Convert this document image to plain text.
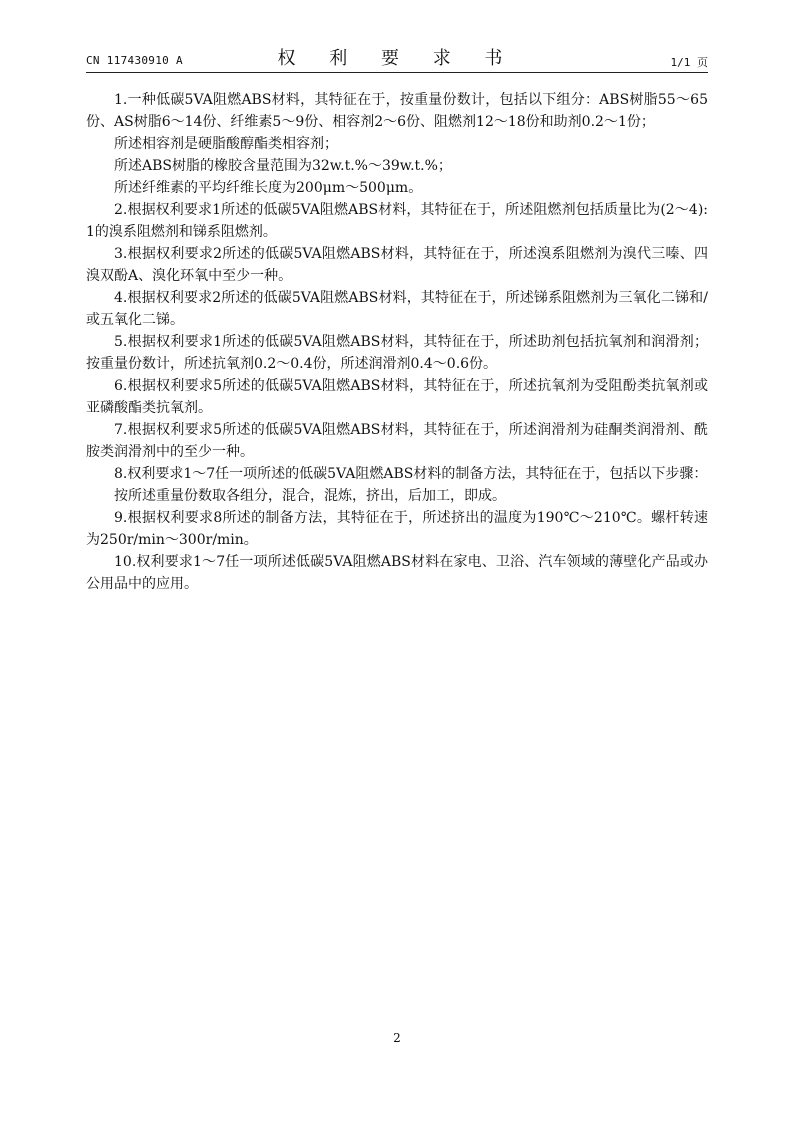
CN 117430910 A	权 利 要 求 书	1/1 页

1.一种低碳5VA阻燃ABS材料，其特征在于，按重量份数计，包括以下组分：ABS树脂55～65份、AS树脂6～14份、纤维素5～9份、相容剂2～6份、阻燃剂12～18份和助剂0.2～1份；

所述相容剂是硬脂酸醇酯类相容剂；

所述ABS树脂的橡胶含量范围为32w.t.%～39w.t.%；

所述纤维素的平均纤维长度为200μm～500μm。

2.根据权利要求1所述的低碳5VA阻燃ABS材料，其特征在于，所述阻燃剂包括质量比为(2～4):1的溴系阻燃剂和锑系阻燃剂。

3.根据权利要求2所述的低碳5VA阻燃ABS材料，其特征在于，所述溴系阻燃剂为溴代三嗪、四溴双酚A、溴化环氧中至少一种。

4.根据权利要求2所述的低碳5VA阻燃ABS材料，其特征在于，所述锑系阻燃剂为三氧化二锑和/或五氧化二锑。

5.根据权利要求1所述的低碳5VA阻燃ABS材料，其特征在于，所述助剂包括抗氧剂和润滑剂；按重量份数计，所述抗氧剂0.2～0.4份，所述润滑剂0.4～0.6份。

6.根据权利要求5所述的低碳5VA阻燃ABS材料，其特征在于，所述抗氧剂为受阻酚类抗氧剂或亚磷酸酯类抗氧剂。

7.根据权利要求5所述的低碳5VA阻燃ABS材料，其特征在于，所述润滑剂为硅酮类润滑剂、酰胺类润滑剂中的至少一种。

8.权利要求1～7任一项所述的低碳5VA阻燃ABS材料的制备方法，其特征在于，包括以下步骤：

按所述重量份数取各组分，混合，混炼，挤出，后加工，即成。

9.根据权利要求8所述的制备方法，其特征在于，所述挤出的温度为190℃～210℃。螺杆转速为250r/min～300r/min。

10.权利要求1～7任一项所述低碳5VA阻燃ABS材料在家电、卫浴、汽车领域的薄壁化产品或办公用品中的应用。

2
